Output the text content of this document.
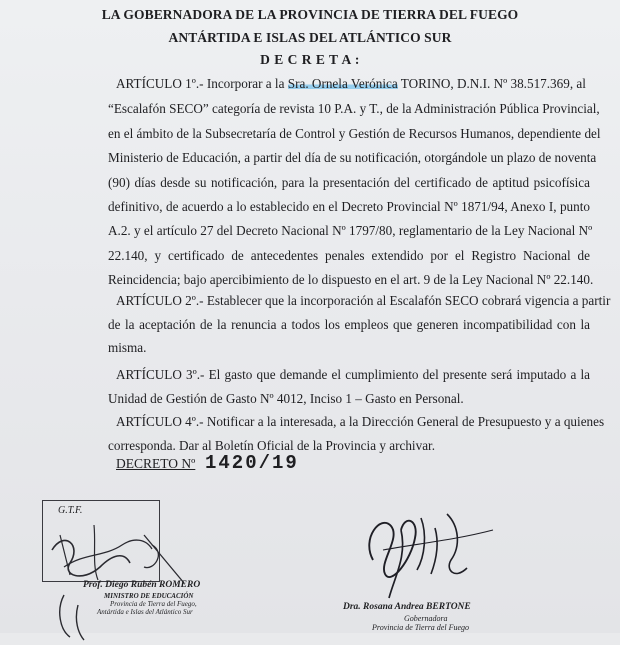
LA GOBERNADORA DE LA PROVINCIA DE TIERRA DEL FUEGO
ANTÁRTIDA E ISLAS DEL ATLÁNTICO SUR
D E C R E T A :
ARTÍCULO 1º.- Incorporar a la Sra. Ornela Verónica TORINO, D.N.I. Nº 38.517.369, al
“Escalafón SECO” categoría de revista 10 P.A. y T., de la Administración Pública Provincial,
en el ámbito de la Subsecretaría de Control y Gestión de Recursos Humanos, dependiente del
Ministerio de Educación, a partir del día de su notificación, otorgándole un plazo de noventa
(90) días desde su notificación, para la presentación del certificado de aptitud psicofísica
definitivo, de acuerdo a lo establecido en el Decreto Provincial Nº 1871/94, Anexo I, punto
A.2. y el artículo 27 del Decreto Nacional Nº 1797/80, reglamentario de la Ley Nacional Nº
22.140, y certificado de antecedentes penales extendido por el Registro Nacional de
Reincidencia; bajo apercibimiento de lo dispuesto en el art. 9 de la Ley Nacional Nº 22.140.
ARTÍCULO 2º.- Establecer que la incorporación al Escalafón SECO cobrará vigencia a partir
de la aceptación de la renuncia a todos los empleos que generen incompatibilidad con la
misma.
ARTÍCULO 3º.- El gasto que demande el cumplimiento del presente será imputado a la
Unidad de Gestión de Gasto Nº 4012, Inciso 1 – Gasto en Personal.
ARTÍCULO 4º.- Notificar a la interesada, a la Dirección General de Presupuesto y a quienes
corresponda. Dar al Boletín Oficial de la Provincia y archivar.
DECRETO Nº 1420/19
G.T.F.
Prof. Diego Rubén ROMERO
MINISTRO DE EDUCACIÓN
Provincia de Tierra del Fuego,
Antártida e Islas del Atlántico Sur	Dra. Rosana Andrea BERTONE
Gobernadora
Provincia de Tierra del Fuego
